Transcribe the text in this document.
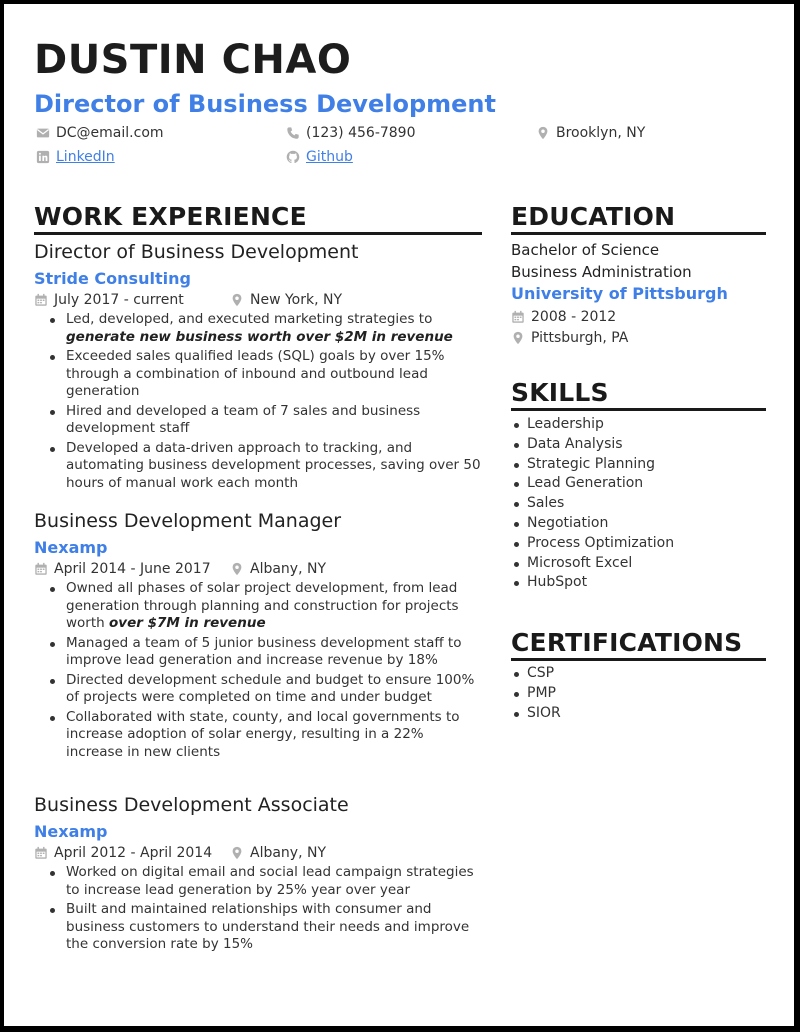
DUSTIN CHAO
Director of Business Development
DC@email.com	(123) 456-7890	Brooklyn, NY
LinkedIn	Github
WORK EXPERIENCE
Director of Business Development
Stride Consulting
July 2017 - current	New York, NY
Led, developed, and executed marketing strategies to generate new business worth over $2M in revenue
Exceeded sales qualified leads (SQL) goals by over 15% through a combination of inbound and outbound lead generation
Hired and developed a team of 7 sales and business development staff
Developed a data-driven approach to tracking, and automating business development processes, saving over 50 hours of manual work each month
Business Development Manager
Nexamp
April 2014 - June 2017	Albany, NY
Owned all phases of solar project development, from lead generation through planning and construction for projects worth over $7M in revenue
Managed a team of 5 junior business development staff to improve lead generation and increase revenue by 18%
Directed development schedule and budget to ensure 100% of projects were completed on time and under budget
Collaborated with state, county, and local governments to increase adoption of solar energy, resulting in a 22% increase in new clients
Business Development Associate
Nexamp
April 2012 - April 2014	Albany, NY
Worked on digital email and social lead campaign strategies to increase lead generation by 25% year over year
Built and maintained relationships with consumer and business customers to understand their needs and improve the conversion rate by 15%
EDUCATION
Bachelor of Science
Business Administration
University of Pittsburgh
2008 - 2012
Pittsburgh, PA
SKILLS
Leadership
Data Analysis
Strategic Planning
Lead Generation
Sales
Negotiation
Process Optimization
Microsoft Excel
HubSpot
CERTIFICATIONS
CSP
PMP
SIOR
